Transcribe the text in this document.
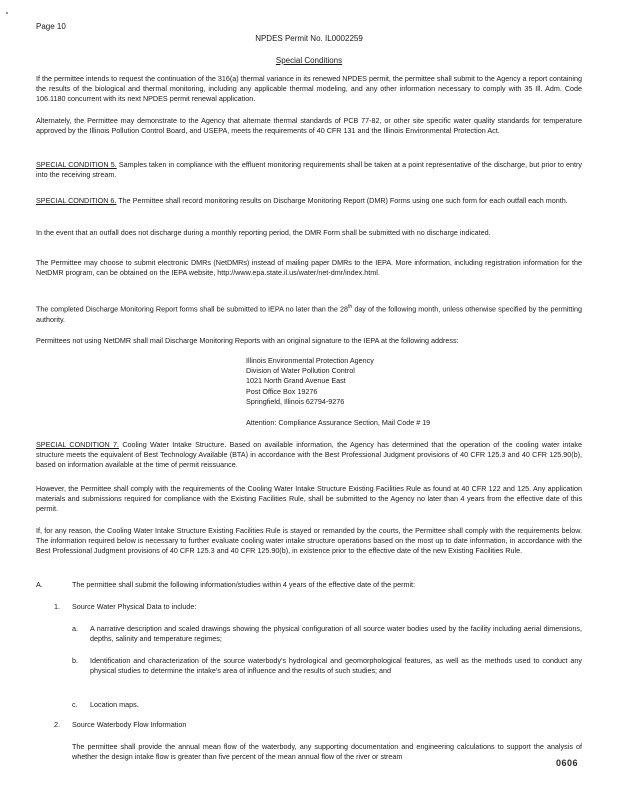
Page 10
NPDES Permit No. IL0002259
Special Conditions
If the permittee intends to request the continuation of the 316(a) thermal variance in its renewed NPDES permit, the permittee shall submit to the Agency a report containing the results of the biological and thermal monitoring, including any applicable thermal modeling, and any other information necessary to comply with 35 Ill. Adm. Code 106.1180 concurrent with its next NPDES permit renewal application.
Alternately, the Permittee may demonstrate to the Agency that alternate thermal standards of PCB 77-82, or other site specific water quality standards for temperature approved by the Illinois Pollution Control Board, and USEPA, meets the requirements of 40 CFR 131 and the Illinois Environmental Protection Act.
SPECIAL CONDITION 5. Samples taken in compliance with the effluent monitoring requirements shall be taken at a point representative of the discharge, but prior to entry into the receiving stream.
SPECIAL CONDITION 6. The Permittee shall record monitoring results on Discharge Monitoring Report (DMR) Forms using one such form for each outfall each month.
In the event that an outfall does not discharge during a monthly reporting period, the DMR Form shall be submitted with no discharge indicated.
The Permittee may choose to submit electronic DMRs (NetDMRs) instead of mailing paper DMRs to the IEPA. More information, including registration information for the NetDMR program, can be obtained on the IEPA website, http://www.epa.state.il.us/water/net-dmr/index.html.
The completed Discharge Monitoring Report forms shall be submitted to IEPA no later than the 28th day of the following month, unless otherwise specified by the permitting authority.
Permittees not using NetDMR shall mail Discharge Monitoring Reports with an original signature to the IEPA at the following address:
Illinois Environmental Protection Agency
Division of Water Pollution Control
1021 North Grand Avenue East
Post Office Box 19276
Springfield, Illinois 62794-9276
Attention: Compliance Assurance Section, Mail Code # 19
SPECIAL CONDITION 7. Cooling Water Intake Structure. Based on available information, the Agency has determined that the operation of the cooling water intake structure meets the equivalent of Best Technology Available (BTA) in accordance with the Best Professional Judgment provisions of 40 CFR 125.3 and 40 CFR 125.90(b), based on information available at the time of permit reissuance.
However, the Permittee shall comply with the requirements of the Cooling Water Intake Structure Existing Facilities Rule as found at 40 CFR 122 and 125. Any application materials and submissions required for compliance with the Existing Facilities Rule, shall be submitted to the Agency no later than 4 years from the effective date of this permit.
If, for any reason, the Cooling Water Intake Structure Existing Facilities Rule is stayed or remanded by the courts, the Permittee shall comply with the requirements below. The information required below is necessary to further evaluate cooling water intake structure operations based on the most up to date information, in accordance with the Best Professional Judgment provisions of 40 CFR 125.3 and 40 CFR 125.90(b), in existence prior to the effective date of the new Existing Facilities Rule.
A.	The permittee shall submit the following information/studies within 4 years of the effective date of the permit:
1. Source Water Physical Data to include:
a. A narrative description and scaled drawings showing the physical configuration of all source water bodies used by the facility including aerial dimensions, depths, salinity and temperature regimes;
b. Identification and characterization of the source waterbody's hydrological and geomorphological features, as well as the methods used to conduct any physical studies to determine the intake's area of influence and the results of such studies; and
c. Location maps.
2. Source Waterbody Flow Information
The permittee shall provide the annual mean flow of the waterbody, any supporting documentation and engineering calculations to support the analysis of whether the design intake flow is greater than five percent of the mean annual flow of the river or stream
0606
